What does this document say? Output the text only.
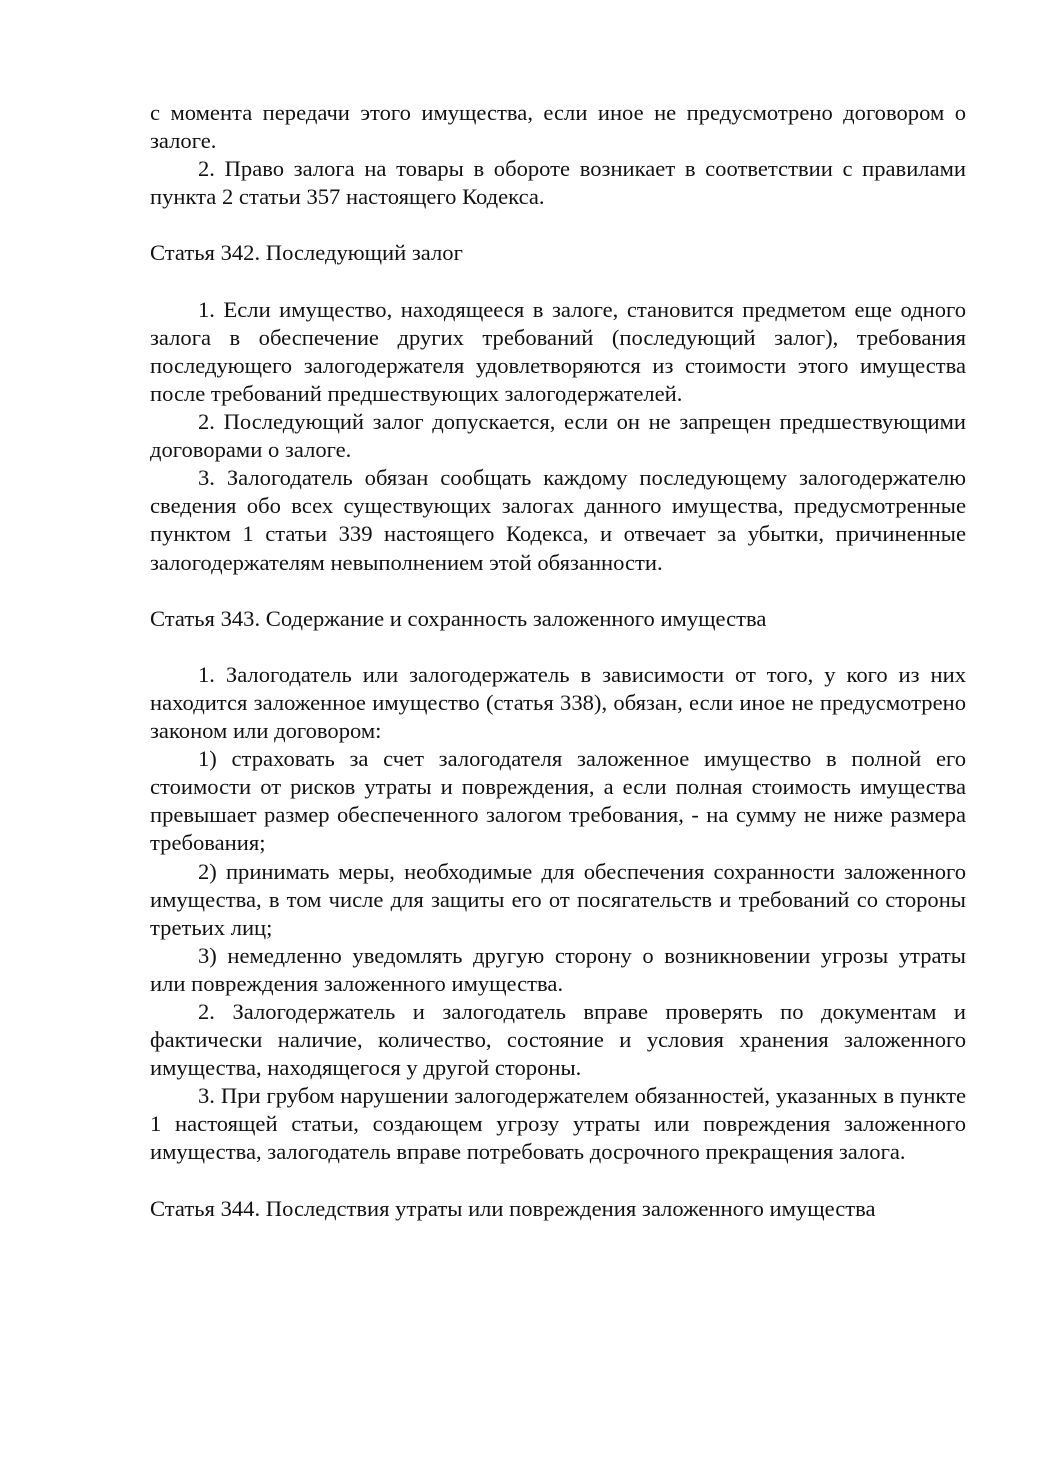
с момента передачи этого имущества, если иное не предусмотрено договором о залоге.

2. Право залога на товары в обороте возникает в соответствии с правилами пункта 2 статьи 357 настоящего Кодекса.

Статья 342. Последующий залог

1. Если имущество, находящееся в залоге, становится предметом еще одного залога в обеспечение других требований (последующий залог), требования последующего залогодержателя удовлетворяются из стоимости этого имущества после требований предшествующих залогодержателей.

2. Последующий залог допускается, если он не запрещен предшествующими договорами о залоге.

3. Залогодатель обязан сообщать каждому последующему залогодержателю сведения обо всех существующих залогах данного имущества, предусмотренные пунктом 1 статьи 339 настоящего Кодекса, и отвечает за убытки, причиненные залогодержателям невыполнением этой обязанности.

Статья 343. Содержание и сохранность заложенного имущества

1. Залогодатель или залогодержатель в зависимости от того, у кого из них находится заложенное имущество (статья 338), обязан, если иное не предусмотрено законом или договором:

1) страховать за счет залогодателя заложенное имущество в полной его стоимости от рисков утраты и повреждения, а если полная стоимость имущества превышает размер обеспеченного залогом требования, - на сумму не ниже размера требования;

2) принимать меры, необходимые для обеспечения сохранности заложенного имущества, в том числе для защиты его от посягательств и требований со стороны третьих лиц;

3) немедленно уведомлять другую сторону о возникновении угрозы утраты или повреждения заложенного имущества.

2. Залогодержатель и залогодатель вправе проверять по документам и фактически наличие, количество, состояние и условия хранения заложенного имущества, находящегося у другой стороны.

3. При грубом нарушении залогодержателем обязанностей, указанных в пункте 1 настоящей статьи, создающем угрозу утраты или повреждения заложенного имущества, залогодатель вправе потребовать досрочного прекращения залога.

Статья 344. Последствия утраты или повреждения заложенного имущества
